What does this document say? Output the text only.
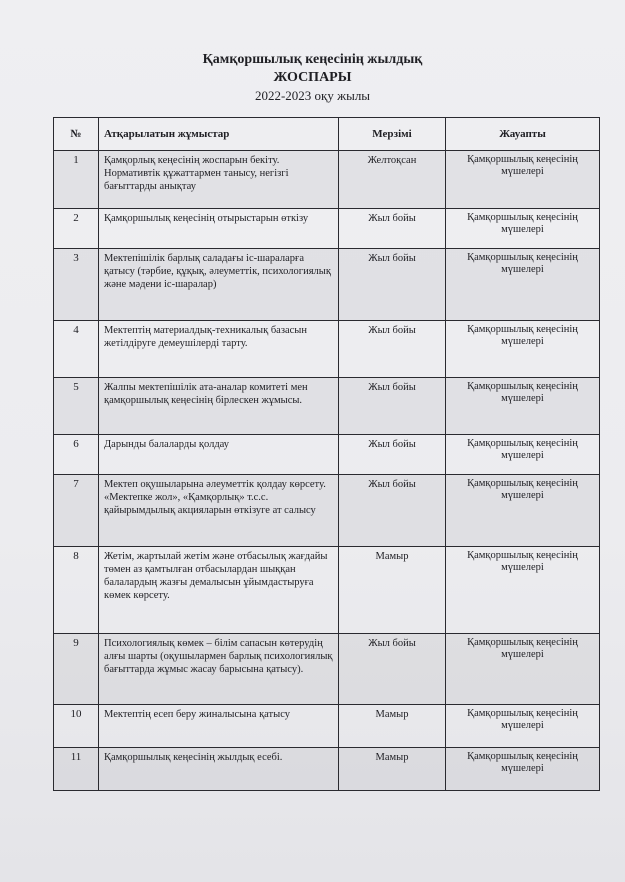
Қамқоршылық кеңесінің жылдық
ЖОСПАРЫ
2022-2023 оқу жылы
№	Атқарылатын жұмыстар	Мерзімі	Жауапты
1	Қамқорлық кеңесінің жоспарын бекіту. Нормативтік құжаттармен танысу, негізгі бағыттарды анықтау	Желтоқсан	Қамқоршылық кеңесінің мүшелері
2	Қамқоршылық кеңесінің отырыстарын өткізу	Жыл бойы	Қамқоршылық кеңесінің мүшелері
3	Мектепішілік барлық саладағы іс-шараларға қатысу (тәрбие, құқық, әлеуметтік, психологиялық және мәдени іс-шаралар)	Жыл бойы	Қамқоршылық кеңесінің мүшелері
4	Мектептің материалдық-техникалық базасын жетілдіруге демеушілерді тарту.	Жыл бойы	Қамқоршылық кеңесінің мүшелері
5	Жалпы мектепішілік ата-аналар комитеті мен қамқоршылық кеңесінің бірлескен жұмысы.	Жыл бойы	Қамқоршылық кеңесінің мүшелері
6	Дарынды балаларды қолдау	Жыл бойы	Қамқоршылық кеңесінің мүшелері
7	Мектеп оқушыларына әлеуметтік қолдау көрсету. «Мектепке жол», «Қамқорлық» т.с.с. қайырымдылық акцияларын өткізуге ат салысу	Жыл бойы	Қамқоршылық кеңесінің мүшелері
8	Жетім, жартылай жетім және отбасылық жағдайы төмен аз қамтылған отбасылардан шыққан балалардың жазғы демалысын ұйымдастыруға көмек көрсету.	Мамыр	Қамқоршылық кеңесінің мүшелері
9	Психологиялық көмек – білім сапасын көтерудің алғы шарты (оқушылармен барлық психологиялық бағыттарда жұмыс жасау барысына қатысу).	Жыл бойы	Қамқоршылық кеңесінің мүшелері
10	Мектептің есеп беру жиналысына қатысу	Мамыр	Қамқоршылық кеңесінің мүшелері
11	Қамқоршылық кеңесінің жылдық есебі.	Мамыр	Қамқоршылық кеңесінің мүшелері
